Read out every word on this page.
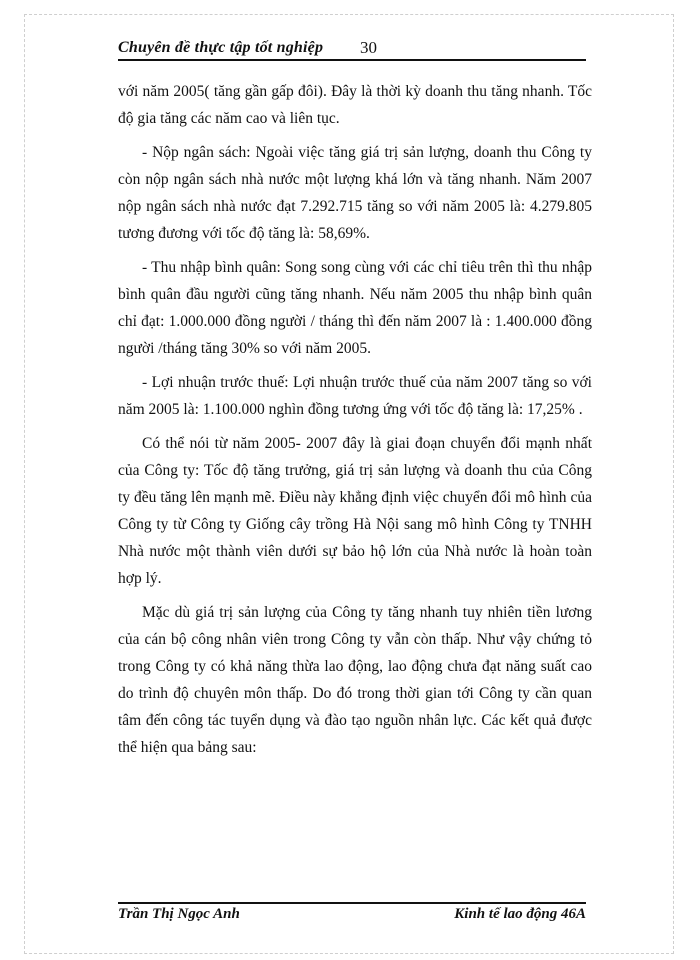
Chuyên đề thực tập tốt nghiệp 30

với năm 2005( tăng gần gấp đôi). Đây là thời kỳ doanh thu tăng nhanh. Tốc độ gia tăng các năm cao và liên tục.

- Nộp ngân sách: Ngoài việc tăng giá trị sản lượng, doanh thu Công ty còn nộp ngân sách nhà nước một lượng khá lớn và tăng nhanh. Năm 2007 nộp ngân sách nhà nước đạt 7.292.715 tăng so với năm 2005 là: 4.279.805 tương đương với tốc độ tăng là: 58,69%.

- Thu nhập bình quân: Song song cùng với các chỉ tiêu trên thì thu nhập bình quân đầu người cũng tăng nhanh. Nếu năm 2005 thu nhập bình quân chỉ đạt: 1.000.000 đồng người / tháng thì đến năm 2007 là : 1.400.000 đồng người /tháng tăng 30% so với năm 2005.

- Lợi nhuận trước thuế: Lợi nhuận trước thuế của năm 2007 tăng so với năm 2005 là: 1.100.000 nghìn đồng tương ứng với tốc độ tăng là: 17,25% .

Có thể nói từ năm 2005- 2007 đây là giai đoạn chuyển đổi mạnh nhất của Công ty: Tốc độ tăng trưởng, giá trị sản lượng và doanh thu của Công ty đều tăng lên mạnh mẽ. Điều này khẳng định việc chuyển đổi mô hình của Công ty từ Công ty Giống cây trồng Hà Nội sang mô hình Công ty TNHH Nhà nước một thành viên dưới sự bảo hộ lớn của Nhà nước là hoàn toàn hợp lý.

Mặc dù giá trị sản lượng của Công ty tăng nhanh tuy nhiên tiền lương của cán bộ công nhân viên trong Công ty vẫn còn thấp. Như vậy chứng tỏ trong Công ty có khả năng thừa lao động, lao động chưa đạt năng suất cao do trình độ chuyên môn thấp. Do đó trong thời gian tới Công ty cần quan tâm đến công tác tuyển dụng và đào tạo nguồn nhân lực. Các kết quả được thể hiện qua bảng sau:

Trần Thị Ngọc Anh	Kinh tế lao động 46A
